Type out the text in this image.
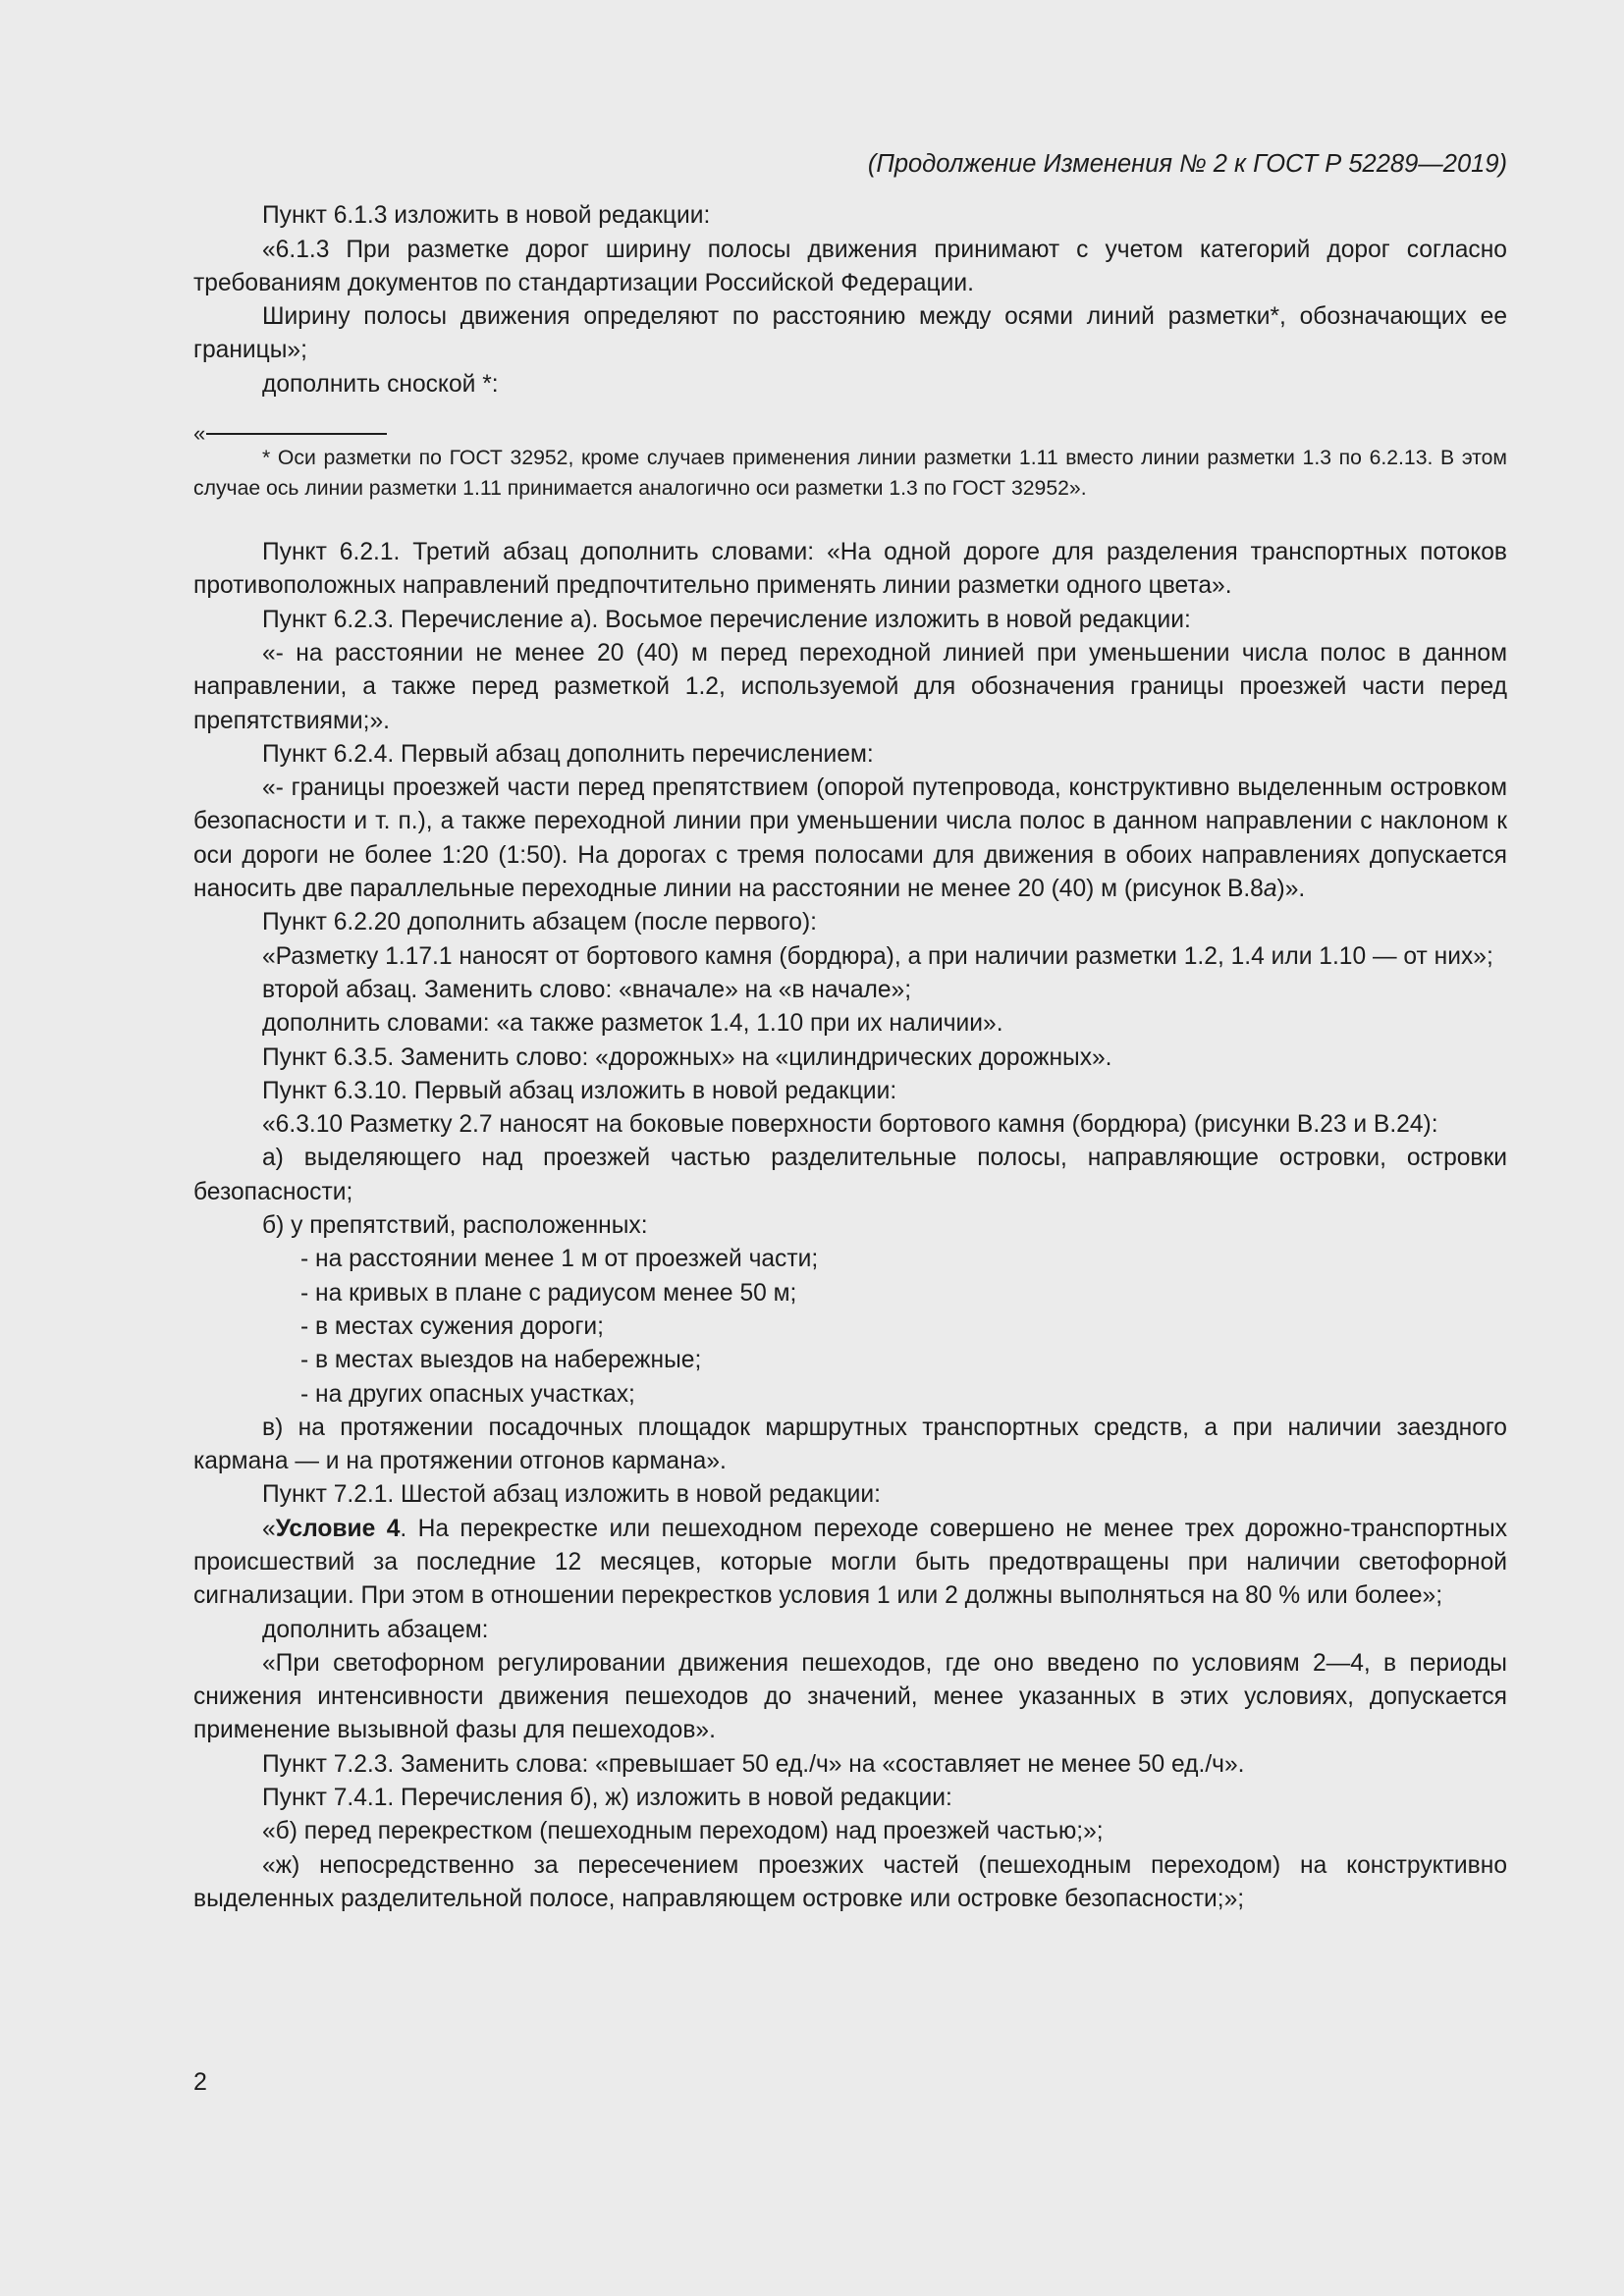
(Продолжение Изменения № 2 к ГОСТ Р 52289—2019)

Пункт 6.1.3 изложить в новой редакции:

«6.1.3 При разметке дорог ширину полосы движения принимают с учетом категорий дорог согласно требованиям документов по стандартизации Российской Федерации.

Ширину полосы движения определяют по расстоянию между осями линий разметки*, обозначающих ее границы»;

дополнить сноской *:

«

* Оси разметки по ГОСТ 32952, кроме случаев применения линии разметки 1.11 вместо линии разметки 1.3 по 6.2.13. В этом случае ось линии разметки 1.11 принимается аналогично оси разметки 1.3 по ГОСТ 32952».

Пункт 6.2.1. Третий абзац дополнить словами: «На одной дороге для разделения транспортных потоков противоположных направлений предпочтительно применять линии разметки одного цвета».

Пункт 6.2.3. Перечисление а). Восьмое перечисление изложить в новой редакции:

«- на расстоянии не менее 20 (40) м перед переходной линией при уменьшении числа полос в данном направлении, а также перед разметкой 1.2, используемой для обозначения границы проезжей части перед препятствиями;».

Пункт 6.2.4. Первый абзац дополнить перечислением:

«- границы проезжей части перед препятствием (опорой путепровода, конструктивно выделенным островком безопасности и т. п.), а также переходной линии при уменьшении числа полос в данном направлении с наклоном к оси дороги не более 1:20 (1:50). На дорогах с тремя полосами для движения в обоих направлениях допускается наносить две параллельные переходные линии на расстоянии не менее 20 (40) м (рисунок В.8а)».

Пункт 6.2.20 дополнить абзацем (после первого):

«Разметку 1.17.1 наносят от бортового камня (бордюра), а при наличии разметки 1.2, 1.4 или 1.10 — от них»;

второй абзац. Заменить слово: «вначале» на «в начале»;

дополнить словами: «а также разметок 1.4, 1.10 при их наличии».

Пункт 6.3.5. Заменить слово: «дорожных» на «цилиндрических дорожных».

Пункт 6.3.10. Первый абзац изложить в новой редакции:

«6.3.10 Разметку 2.7 наносят на боковые поверхности бортового камня (бордюра) (рисунки В.23 и В.24):

а) выделяющего над проезжей частью разделительные полосы, направляющие островки, островки безопасности;

б) у препятствий, расположенных:

- на расстоянии менее 1 м от проезжей части;

- на кривых в плане с радиусом менее 50 м;

- в местах сужения дороги;

- в местах выездов на набережные;

- на других опасных участках;

в) на протяжении посадочных площадок маршрутных транспортных средств, а при наличии заездного кармана — и на протяжении отгонов кармана».

Пункт 7.2.1. Шестой абзац изложить в новой редакции:

«Условие 4. На перекрестке или пешеходном переходе совершено не менее трех дорожно-транспортных происшествий за последние 12 месяцев, которые могли быть предотвращены при наличии светофорной сигнализации. При этом в отношении перекрестков условия 1 или 2 должны выполняться на 80 % или более»;

дополнить абзацем:

«При светофорном регулировании движения пешеходов, где оно введено по условиям 2—4, в периоды снижения интенсивности движения пешеходов до значений, менее указанных в этих условиях, допускается применение вызывной фазы для пешеходов».

Пункт 7.2.3. Заменить слова: «превышает 50 ед./ч» на «составляет не менее 50 ед./ч».

Пункт 7.4.1. Перечисления б), ж) изложить в новой редакции:

«б) перед перекрестком (пешеходным переходом) над проезжей частью;»;

«ж) непосредственно за пересечением проезжих частей (пешеходным переходом) на конструктивно выделенных разделительной полосе, направляющем островке или островке безопасности;»;

2
